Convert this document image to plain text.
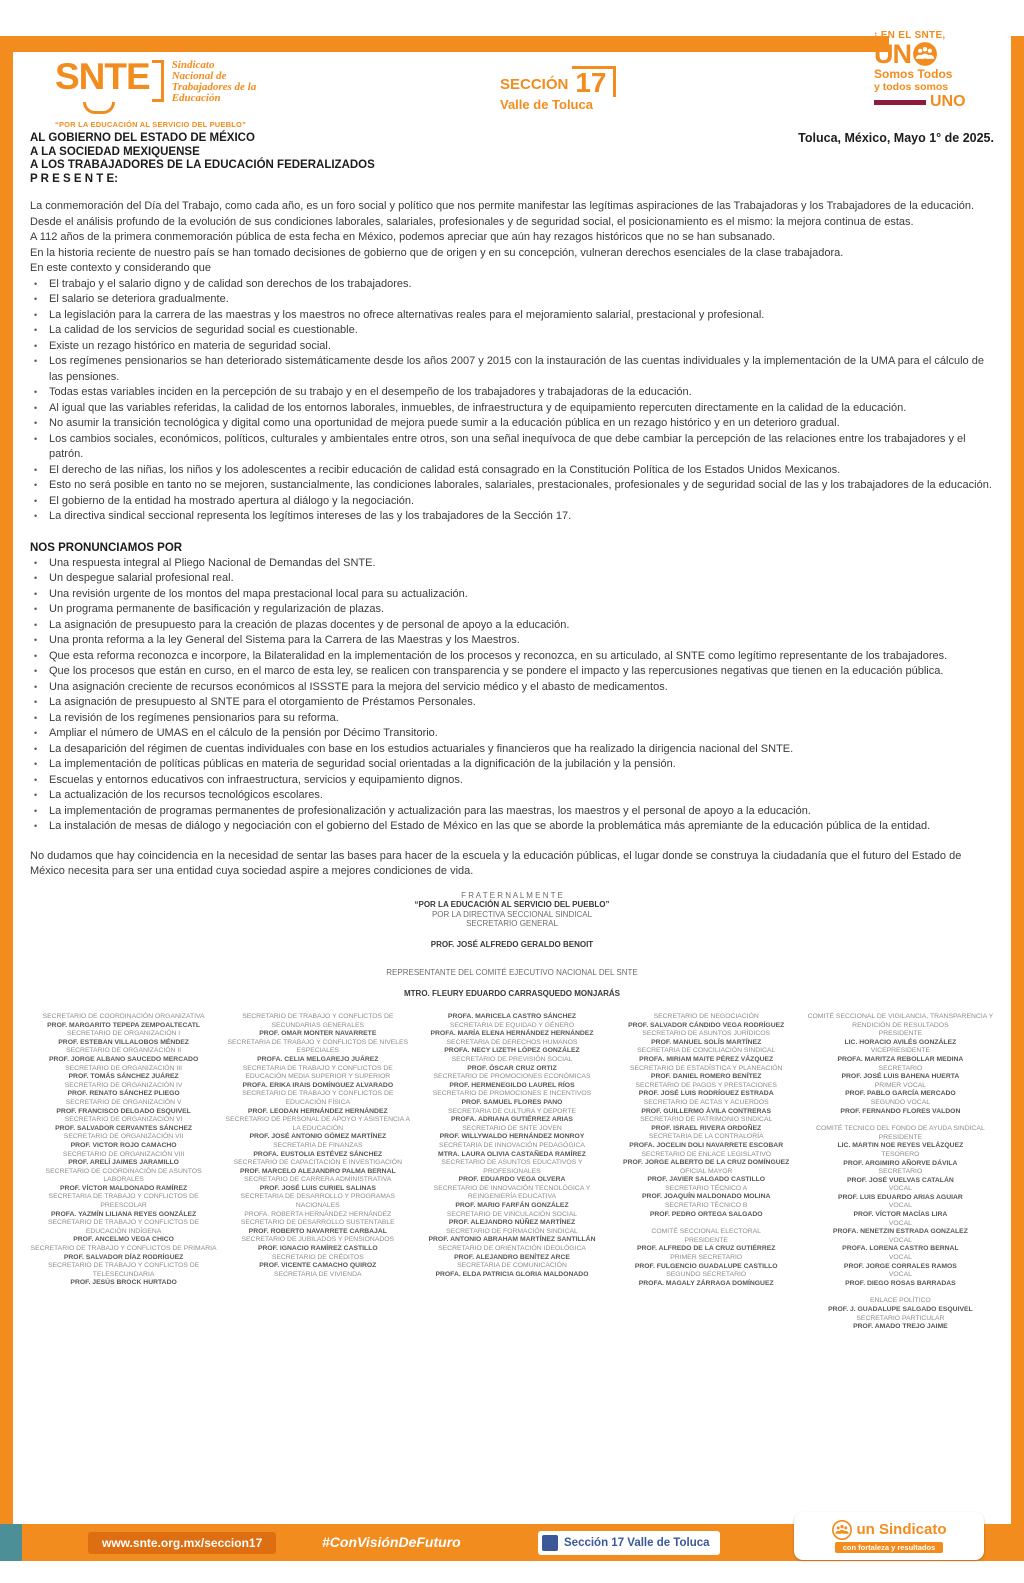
SNTE Sindicato
Nacional de
Trabajadores de la
Educación
“POR LA EDUCACIÓN AL SERVICIO DEL PUEBLO”
SECCIÓN 17
Valle de Toluca
¡ EN EL SNTE,
UN
Somos Todos
y todos somos
UNO
AL GOBIERNO DEL ESTADO DE MÉXICO
A LA SOCIEDAD MEXIQUENSE
A LOS TRABAJADORES DE LA EDUCACIÓN FEDERALIZADOS
P R E S E N T E:
Toluca, México, Mayo 1° de 2025.

La conmemoración del Día del Trabajo, como cada año, es un foro social y político que nos permite manifestar las legítimas aspiraciones de las Trabajadoras y los Trabajadores de la educación.

Desde el análisis profundo de la evolución de sus condiciones laborales, salariales, profesionales y de seguridad social, el posicionamiento es el mismo: la mejora continua de estas.

A 112 años de la primera conmemoración pública de esta fecha en México, podemos apreciar que aún hay rezagos históricos que no se han subsanado.

En la historia reciente de nuestro país se han tomado decisiones de gobierno que de origen y en su concepción, vulneran derechos esenciales de la clase trabajadora.

En este contexto y considerando que

• El trabajo y el salario digno y de calidad son derechos de los trabajadores.
• El salario se deteriora gradualmente.
• La legislación para la carrera de las maestras y los maestros no ofrece alternativas reales para el mejoramiento salarial, prestacional y profesional.
• La calidad de los servicios de seguridad social es cuestionable.
• Existe un rezago histórico en materia de seguridad social.
• Los regímenes pensionarios se han deteriorado sistemáticamente desde los años 2007 y 2015 con la instauración de las cuentas individuales y la implementación de la UMA para el cálculo de las pensiones.
• Todas estas variables inciden en la percepción de su trabajo y en el desempeño de los trabajadores y trabajadoras de la educación.
• Al igual que las variables referidas, la calidad de los entornos laborales, inmuebles, de infraestructura y de equipamiento repercuten directamente en la calidad de la educación.
• No asumir la transición tecnológica y digital como una oportunidad de mejora puede sumir a la educación pública en un rezago histórico y en un deterioro gradual.
• Los cambios sociales, económicos, políticos, culturales y ambientales entre otros, son una señal inequívoca de que debe cambiar la percepción de las relaciones entre los trabajadores y el patrón.
• El derecho de las niñas, los niños y los adolescentes a recibir educación de calidad está consagrado en la Constitución Política de los Estados Unidos Mexicanos.
• Esto no será posible en tanto no se mejoren, sustancialmente, las condiciones laborales, salariales, prestacionales, profesionales y de seguridad social de las y los trabajadores de la educación.
• El gobierno de la entidad ha mostrado apertura al diálogo y la negociación.
• La directiva sindical seccional representa los legítimos intereses de las y los trabajadores de la Sección 17.
NOS PRONUNCIAMOS POR
• Una respuesta integral al Pliego Nacional de Demandas del SNTE.
• Un despegue salarial profesional real.
• Una revisión urgente de los montos del mapa prestacional local para su actualización.
• Un programa permanente de basificación y regularización de plazas.
• La asignación de presupuesto para la creación de plazas docentes y de personal de apoyo a la educación.
• Una pronta reforma a la ley General del Sistema para la Carrera de las Maestras y los Maestros.
• Que esta reforma reconozca e incorpore, la Bilateralidad en la implementación de los procesos y reconozca, en su articulado, al SNTE como legítimo representante de los trabajadores.
• Que los procesos que están en curso, en el marco de esta ley, se realicen con transparencia y se pondere el impacto y las repercusiones negativas que tienen en la educación pública.
• Una asignación creciente de recursos económicos al ISSSTE para la mejora del servicio médico y el abasto de medicamentos.
• La asignación de presupuesto al SNTE para el otorgamiento de Préstamos Personales.
• La revisión de los regímenes pensionarios para su reforma.
• Ampliar el número de UMAS en el cálculo de la pensión por Décimo Transitorio.
• La desaparición del régimen de cuentas individuales con base en los estudios actuariales y financieros que ha realizado la dirigencia nacional del SNTE.
• La implementación de políticas públicas en materia de seguridad social orientadas a la dignificación de la jubilación y la pensión.
• Escuelas y entornos educativos con infraestructura, servicios y equipamiento dignos.
• La actualización de los recursos tecnológicos escolares.
• La implementación de programas permanentes de profesionalización y actualización para las maestras, los maestros y el personal de apoyo a la educación.
• La instalación de mesas de diálogo y negociación con el gobierno del Estado de México en las que se aborde la problemática más apremiante de la educación pública de la entidad.
No dudamos que hay coincidencia en la necesidad de sentar las bases para hacer de la escuela y la educación públicas, el lugar donde se construya la ciudadanía que el futuro del Estado de México necesita para ser una entidad cuya sociedad aspire a mejores condiciones de vida.
F R A T E R N A L M E N T E
“POR LA EDUCACIÓN AL SERVICIO DEL PUEBLO”
POR LA DIRECTIVA SECCIONAL SINDICAL
SECRETARIO GENERAL
PROF. JOSÉ ALFREDO GERALDO BENOIT
REPRESENTANTE DEL COMITÉ EJECUTIVO NACIONAL DEL SNTE
MTRO. FLEURY EDUARDO CARRASQUEDO MONJARÁS
SECRETARIO DE COORDINACIÓN ORGANIZATIVA
PROF. MARGARITO TEPEPA ZEMPOALTECATL
SECRETARIO DE ORGANIZACIÓN I
PROF. ESTEBAN VILLALOBOS MÉNDEZ
SECRETARIO DE ORGANIZACIÓN II
PROF. JORGE ALBANO SAUCEDO MERCADO
SECRETARIO DE ORGANIZACIÓN III
PROF. TOMÁS SÁNCHEZ JUÁREZ
SECRETARIO DE ORGANIZACIÓN IV
PROF. RENATO SÁNCHEZ PLIEGO
SECRETARIO DE ORGANIZACIÓN V
PROF. FRANCISCO DELGADO ESQUIVEL
SECRETARIO DE ORGANIZACIÓN VI
PROF. SALVADOR CERVANTES SÁNCHEZ
SECRETARIO DE ORGANIZACIÓN VII
PROF. VICTOR ROJO CAMACHO
SECRETARIO DE ORGANIZACIÓN VIII
PROF. ARELÍ JAIMES JARAMILLO
SECRETARIO DE COORDINACIÓN DE ASUNTOS LABORALES
PROF. VÍCTOR MALDONADO RAMÍREZ
SECRETARIA DE TRABAJO Y CONFLICTOS DE PREESCOLAR
PROFA. YAZMÍN LILIANA REYES GONZÁLEZ
SECRETARIO DE TRABAJO Y CONFLICTOS DE EDUCACIÓN INDÍGENA
PROF. ANCELMO VEGA CHICO
SECRETARIO DE TRABAJO Y CONFLICTOS DE PRIMARIA
PROF. SALVADOR DÍAZ RODRÍGUEZ
SECRETARIO DE TRABAJO Y CONFLICTOS DE TELESECUNDARIA
PROF. JESÚS BROCK HURTADO
SECRETARIO DE TRABAJO Y CONFLICTOS DE SECUNDARIAS GENERALES
PROF. OMAR MONTER NAVARRETE
SECRETARIA DE TRABAJO Y CONFLICTOS DE NIVELES ESPECIALES
PROFA. CELIA MELGAREJO JUÁREZ
SECRETARIA DE TRABAJO Y CONFLICTOS DE EDUCACIÓN MEDIA SUPERIOR Y SUPERIOR
PROFA. ERIKA IRAIS DOMÍNGUEZ ALVARADO
SECRETARIO DE TRABAJO Y CONFLICTOS DE EDUCACIÓN FÍSICA
PROF. LEODAN HERNÁNDEZ HERNÁNDEZ
SECRETARIO DE PERSONAL DE APOYO Y ASISTENCIA A LA EDUCACIÓN
PROF. JOSÉ ANTONIO GÓMEZ MARTÍNEZ
SECRETARIA DE FINANZAS
PROFA. EUSTOLIA ESTÉVEZ SÁNCHEZ
SECRETARIO DE CAPACITACIÓN E INVESTIGACIÓN
PROF. MARCELO ALEJANDRO PALMA BERNAL
SECRETARIO DE CARRERA ADMINISTRATIVA
PROF. JOSÉ LUIS CURIEL SALINAS
SECRETARIA DE DESARROLLO Y PROGRAMAS NACIONALES
PROFA. ROBERTA HERNÁNDEZ HERNÁNDEZ
SECRETARIO DE DESARROLLO SUSTENTABLE
PROF. ROBERTO NAVARRETE CARBAJAL
SECRETARIO DE JUBILADOS Y PENSIONADOS
PROF. IGNACIO RAMÍREZ CASTILLO
SECRETARIO DE CRÉDITOS
PROF. VICENTE CAMACHO QUIROZ
SECRETARIA DE VIVIENDA
PROFA. MARICELA CASTRO SÁNCHEZ
SECRETARIA DE EQUIDAD Y GÉNERO
PROFA. MARÍA ELENA HERNÁNDEZ HERNÁNDEZ
SECRETARIA DE DERECHOS HUMANOS
PROFA. NECY LIZETH LÓPEZ GONZÁLEZ
SECRETARIO DE PREVISIÓN SOCIAL
PROF. ÓSCAR CRUZ ORTIZ
SECRETARIO DE PROMOCIONES ECONÓMICAS
PROF. HERMENEGILDO LAUREL RÍOS
SECRETARIO DE PROMOCIONES E INCENTIVOS
PROF. SAMUEL FLORES PANO
SECRETARIA DE CULTURA Y DEPORTE
PROFA. ADRIANA GUTIÉRREZ ARIAS
SECRETARIO DE SNTE JOVEN
PROF. WILLYWALDO HERNÁNDEZ MONROY
SECRETARIA DE INNOVACIÓN PEDAGÓGICA
MTRA. LAURA OLIVIA CASTAÑEDA RAMÍREZ
SECRETARIO DE ASUNTOS EDUCATIVOS Y PROFESIONALES
PROF. EDUARDO VEGA OLVERA
SECRETARIO DE INNOVACIÓN TECNOLÓGICA Y REINGENIERÍA EDUCATIVA
PROF. MARIO FARFÁN GONZÁLEZ
SECRETARIO DE VINCULACIÓN SOCIAL
PROF. ALEJANDRO NÚÑEZ MARTÍNEZ
SECRETARIO DE FORMACIÓN SINDICAL
PROF. ANTONIO ABRAHAM MARTÍNEZ SANTILLÁN
SECRETARIO DE ORIENTACIÓN IDEOLÓGICA
PROF. ALEJANDRO BENÍTEZ ARCE
SECRETARIA DE COMUNICACIÓN
PROFA. ELDA PATRICIA GLORIA MALDONADO
SECRETARIO DE NEGOCIACIÓN
PROF. SALVADOR CÁNDIDO VEGA RODRÍGUEZ
SECRETARIO DE ASUNTOS JURÍDICOS
PROF. MANUEL SOLÍS MARTÍNEZ
SECRETARIA DE CONCILIACIÓN SINDICAL
PROFA. MIRIAM MAITE PÉREZ VÁZQUEZ
SECRETARIO DE ESTADÍSTICA Y PLANEACIÓN
PROF. DANIEL ROMERO BENÍTEZ
SECRETARIO DE PAGOS Y PRESTACIONES
PROF. JOSÉ LUIS RODRÍGUEZ ESTRADA
SECRETARIO DE ACTAS Y ACUERDOS
PROF. GUILLERMO ÁVILA CONTRERAS
SECRETARIO DE PATRIMONIO SINDICAL
PROF. ISRAEL RIVERA ORDOÑEZ
SECRETARIA DE LA CONTRALORÍA
PROFA. JOCELIN DOLI NAVARRETE ESCOBAR
SECRETARIO DE ENLACE LEGISLATIVO
PROF. JORGE ALBERTO DE LA CRUZ DOMÍNGUEZ
OFICIAL MAYOR
PROF. JAVIER SALGADO CASTILLO
SECRETARIO TÉCNICO A
PROF. JOAQUÍN MALDONADO MOLINA
SECRETARIO TÉCNICO B
PROF. PEDRO ORTEGA SALGADO
COMITÉ SECCIONAL ELECTORAL
PRESIDENTE
PROF. ALFREDO DE LA CRUZ GUTIÉRREZ
PRIMER SECRETARIO
PROF. FULGENCIO GUADALUPE CASTILLO
SEGUNDO SECRETARIO
PROFA. MAGALY ZÁRRAGA DOMÍNGUEZ
COMITÉ SECCIONAL DE VIGILANCIA, TRANSPARENCIA Y RENDICIÓN DE RESULTADOS
PRESIDENTE
LIC. HORACIO AVILÉS GONZÁLEZ
VICEPRESIDENTE
PROFA. MARITZA REBOLLAR MEDINA
SECRETARIO
PROF. JOSÉ LUIS BAHENA HUERTA
PRIMER VOCAL
PROF. PABLO GARCÍA MERCADO
SEGUNDO VOCAL
PROF. FERNANDO FLORES VALDON
COMITÉ TECNICO DEL FONDO DE AYUDA SINDICAL
PRESIDENTE
LIC. MARTIN NOE REYES VELÁZQUEZ
TESORERO
PROF. ARGIMIRO AÑORVE DÁVILA
SECRETARIO
PROF. JOSÉ VUELVAS CATALÁN
VOCAL
PROF. LUIS EDUARDO ARIAS AGUIAR
VOCAL
PROF. VÍCTOR MACÍAS LIRA
VOCAL
PROFA. NENETZIN ESTRADA GONZALEZ
VOCAL
PROFA. LORENA CASTRO BERNAL
VOCAL
PROF. JORGE CORRALES RAMOS
VOCAL
PROF. DIEGO ROSAS BARRADAS
ENLACE POLÍTICO
PROF. J. GUADALUPE SALGADO ESQUIVEL
SECRETARIO PARTICULAR
PROF. AMADO TREJO JAIME
www.snte.org.mx/seccion17	#ConVisiónDeFuturo	f	Sección 17 Valle de Toluca
un Sindicato
con fortaleza y resultados
